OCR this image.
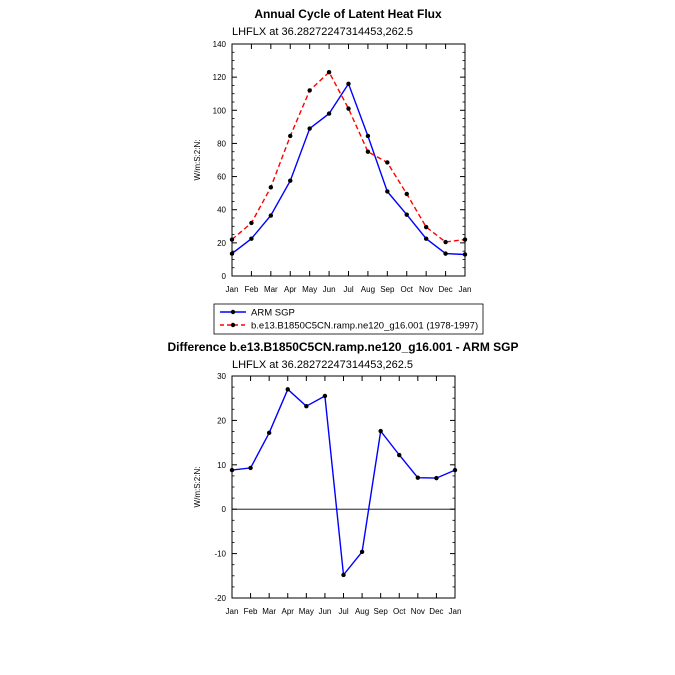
Annual Cycle of Latent Heat Flux
LHFLX at 36.28272247314453,262.5
W/m:S:2:N:
0
20
40
60
80
100
120
140
Jan Feb Mar Apr May Jun Jul Aug Sep Oct Nov Dec Jan
ARM SGP
b.e13.B1850C5CN.ramp.ne120_g16.001 (1978-1997)
Difference b.e13.B1850C5CN.ramp.ne120_g16.001 - ARM SGP
LHFLX at 36.28272247314453,262.5
W/m:S:2:N:
-20
-10
0
10
20
30
Jan Feb Mar Apr May Jun Jul Aug Sep Oct Nov Dec Jan
